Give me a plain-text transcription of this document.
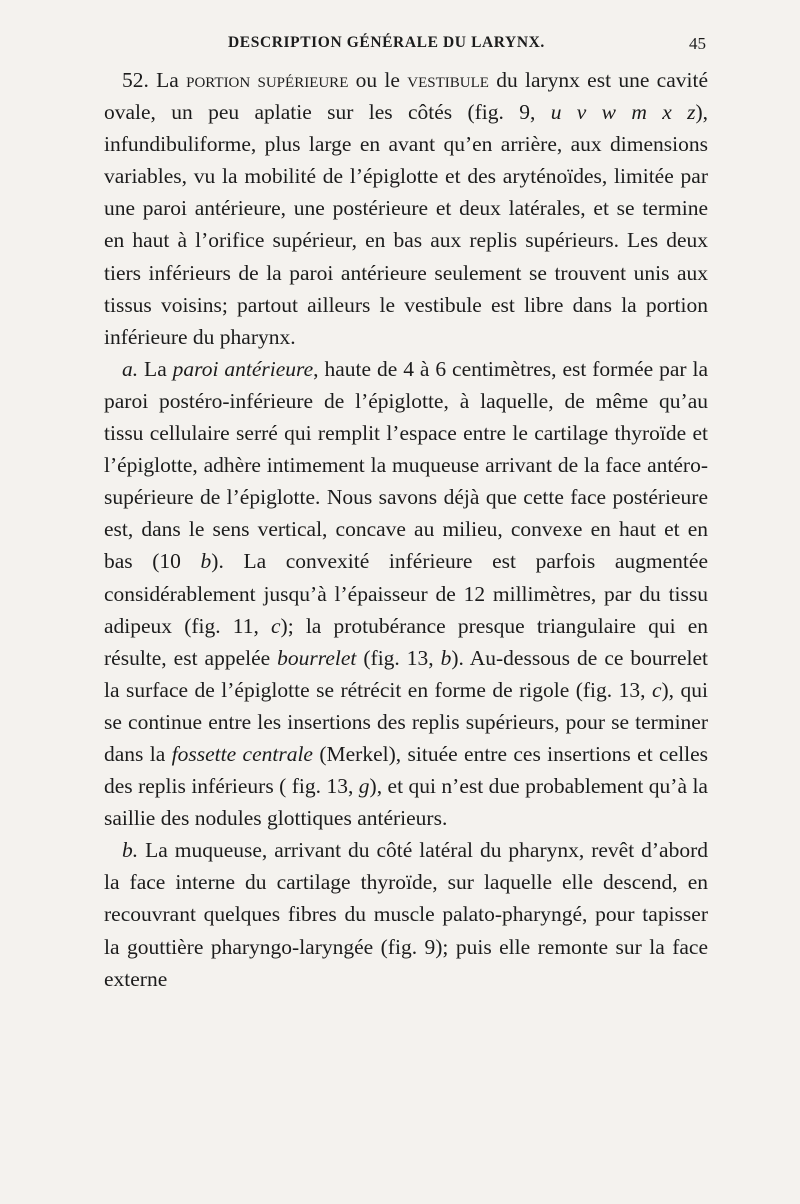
DESCRIPTION GÉNÉRALE DU LARYNX.	45

52. La portion supérieure ou le vestibule du larynx est une cavité ovale, un peu aplatie sur les côtés (fig. 9, u v w m x z), infundibuliforme, plus large en avant qu’en arrière, aux dimensions variables, vu la mobilité de l’épiglotte et des aryténoïdes, limitée par une paroi antérieure, une postérieure et deux latérales, et se termine en haut à l’orifice supérieur, en bas aux replis supérieurs. Les deux tiers inférieurs de la paroi antérieure seulement se trouvent unis aux tissus voisins; partout ailleurs le vestibule est libre dans la portion inférieure du pharynx.

a. La paroi antérieure, haute de 4 à 6 centimètres, est formée par la paroi postéro-inférieure de l’épiglotte, à laquelle, de même qu’au tissu cellulaire serré qui remplit l’espace entre le cartilage thyroïde et l’épiglotte, adhère intimement la muqueuse arrivant de la face antéro-supérieure de l’épiglotte. Nous savons déjà que cette face postérieure est, dans le sens vertical, concave au milieu, convexe en haut et en bas (10 b). La convexité inférieure est parfois augmentée considérablement jusqu’à l’épaisseur de 12 millimètres, par du tissu adipeux (fig. 11, c); la protubérance presque triangulaire qui en résulte, est appelée bourrelet (fig. 13, b). Au-dessous de ce bourrelet la surface de l’épiglotte se rétrécit en forme de rigole (fig. 13, c), qui se continue entre les insertions des replis supérieurs, pour se terminer dans la fossette centrale (Merkel), située entre ces insertions et celles des replis inférieurs ( fig. 13, g), et qui n’est due probablement qu’à la saillie des nodules glottiques antérieurs.

b. La muqueuse, arrivant du côté latéral du pharynx, revêt d’abord la face interne du cartilage thyroïde, sur laquelle elle descend, en recouvrant quelques fibres du muscle palato-pharyngé, pour tapisser la gouttière pharyngo-laryngée (fig. 9); puis elle remonte sur la face externe
